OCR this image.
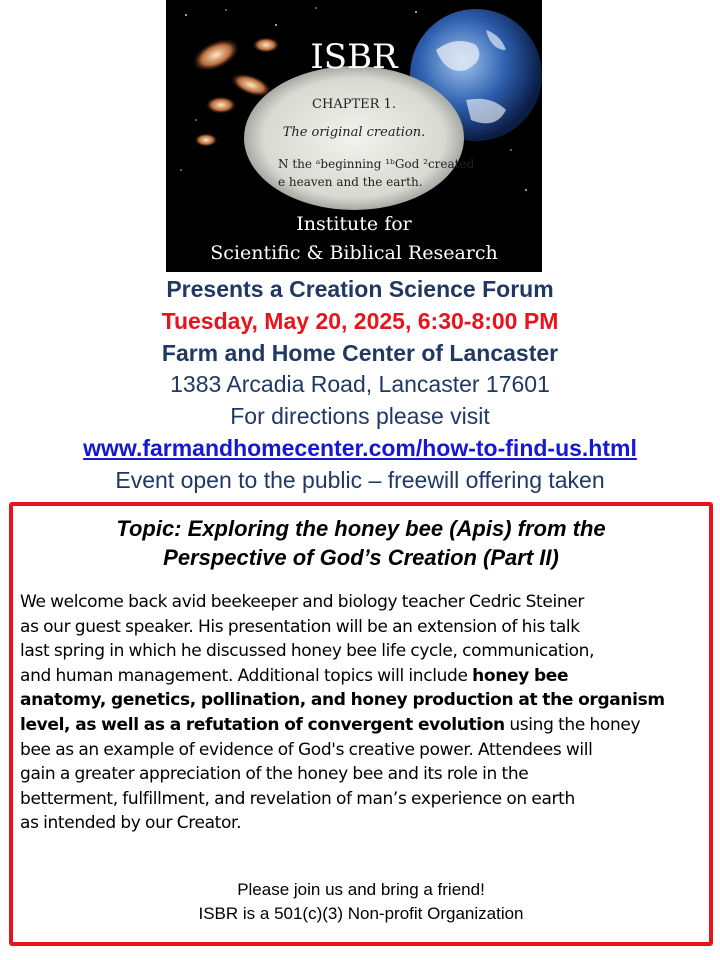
ISBR
CHAPTER 1.
The original creation.
N the ᵃbeginning ¹ᵇGod ²created
e heaven and the earth.
Institute for
Scientific & Biblical Research
Presents a Creation Science Forum
Tuesday, May 20, 2025, 6:30-8:00 PM
Farm and Home Center of Lancaster
1383 Arcadia Road, Lancaster 17601
For directions please visit
www.farmandhomecenter.com/how-to-find-us.html
Event open to the public – freewill offering taken
Topic: Exploring the honey bee (Apis) from the
Perspective of God’s Creation (Part II)
We welcome back avid beekeeper and biology teacher Cedric Steiner
as our guest speaker. His presentation will be an extension of his talk
last spring in which he discussed honey bee life cycle, communication,
and human management. Additional topics will include honey bee
anatomy, genetics, pollination, and honey production at the organism
level, as well as a refutation of convergent evolution using the honey
bee as an example of evidence of God's creative power. Attendees will
gain a greater appreciation of the honey bee and its role in the
betterment, fulfillment, and revelation of man’s experience on earth
as intended by our Creator.
Please join us and bring a friend!
ISBR is a 501(c)(3) Non-profit Organization
